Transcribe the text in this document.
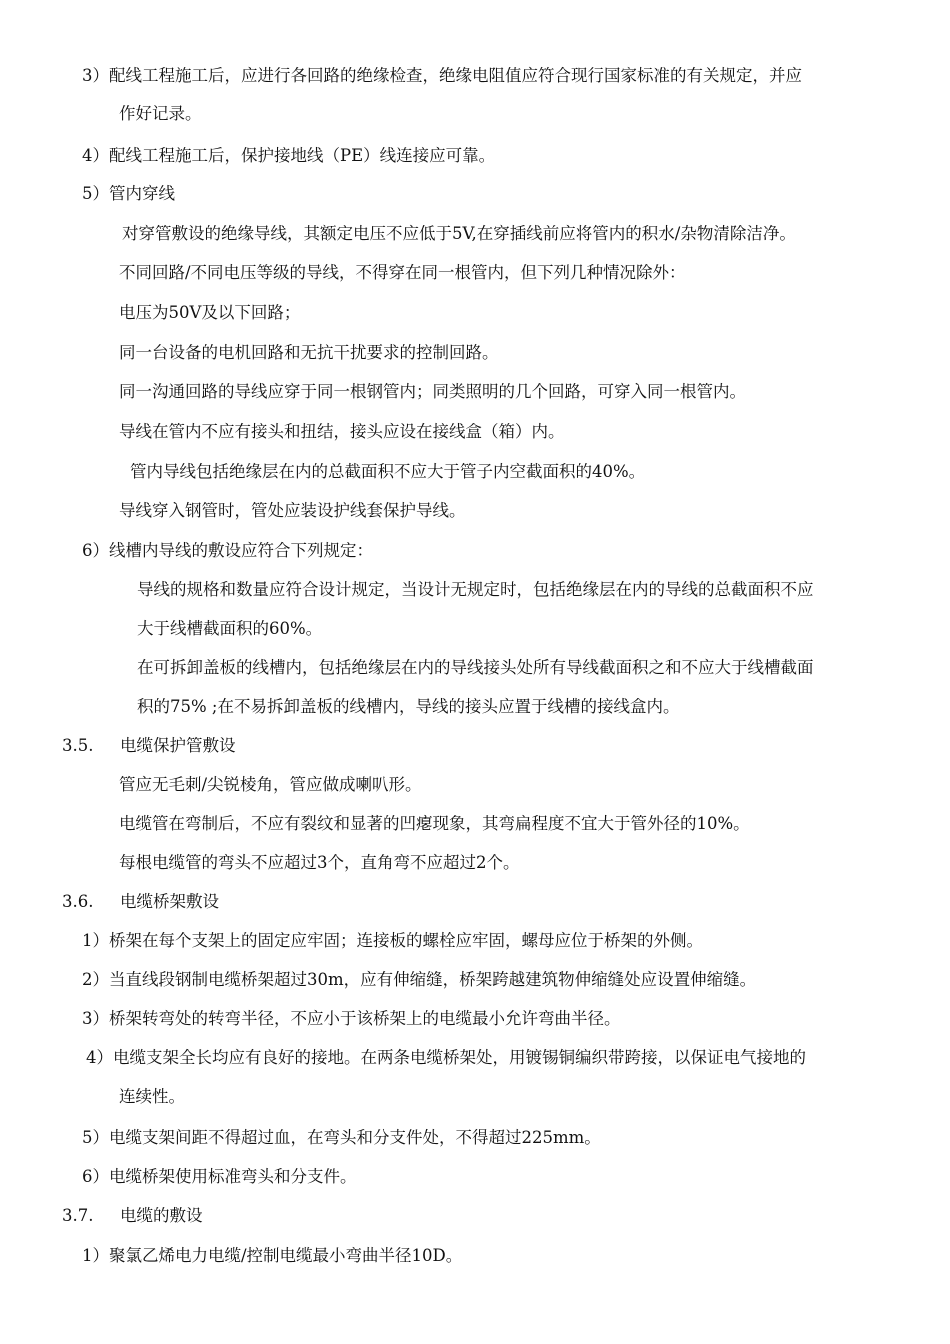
3）配线工程施工后，应进行各回路的绝缘检查，绝缘电阻值应符合现行国家标准的有关规定，并应
作好记录。
4）配线工程施工后，保护接地线（PE）线连接应可靠。
5）管内穿线
对穿管敷设的绝缘导线，其额定电压不应低于5V,在穿插线前应将管内的积水/杂物清除洁净。
不同回路/不同电压等级的导线，不得穿在同一根管内，但下列几种情况除外：
电压为50V及以下回路；
同一台设备的电机回路和无抗干扰要求的控制回路。
同一沟通回路的导线应穿于同一根钢管内；同类照明的几个回路，可穿入同一根管内。
导线在管内不应有接头和扭结，接头应设在接线盒（箱）内。
管内导线包括绝缘层在内的总截面积不应大于管子内空截面积的40%。
导线穿入钢管时，管处应装设护线套保护导线。
6）线槽内导线的敷设应符合下列规定：
导线的规格和数量应符合设计规定，当设计无规定时，包括绝缘层在内的导线的总截面积不应
大于线槽截面积的60%。
在可拆卸盖板的线槽内，包括绝缘层在内的导线接头处所有导线截面积之和不应大于线槽截面
积的75% ;在不易拆卸盖板的线槽内，导线的接头应置于线槽的接线盒内。
3.5. 电缆保护管敷设
管应无毛刺/尖锐棱角，管应做成喇叭形。
电缆管在弯制后，不应有裂纹和显著的凹瘪现象，其弯扁程度不宜大于管外径的10%。
每根电缆管的弯头不应超过3个，直角弯不应超过2个。
3.6. 电缆桥架敷设
1）桥架在每个支架上的固定应牢固；连接板的螺栓应牢固，螺母应位于桥架的外侧。
2）当直线段钢制电缆桥架超过30m，应有伸缩缝，桥架跨越建筑物伸缩缝处应设置伸缩缝。
3）桥架转弯处的转弯半径，不应小于该桥架上的电缆最小允许弯曲半径。
4）电缆支架全长均应有良好的接地。在两条电缆桥架处，用镀锡铜编织带跨接，以保证电气接地的
连续性。
5）电缆支架间距不得超过血，在弯头和分支件处，不得超过225mm。
6）电缆桥架使用标准弯头和分支件。
3.7. 电缆的敷设
1）聚氯乙烯电力电缆/控制电缆最小弯曲半径10D。
